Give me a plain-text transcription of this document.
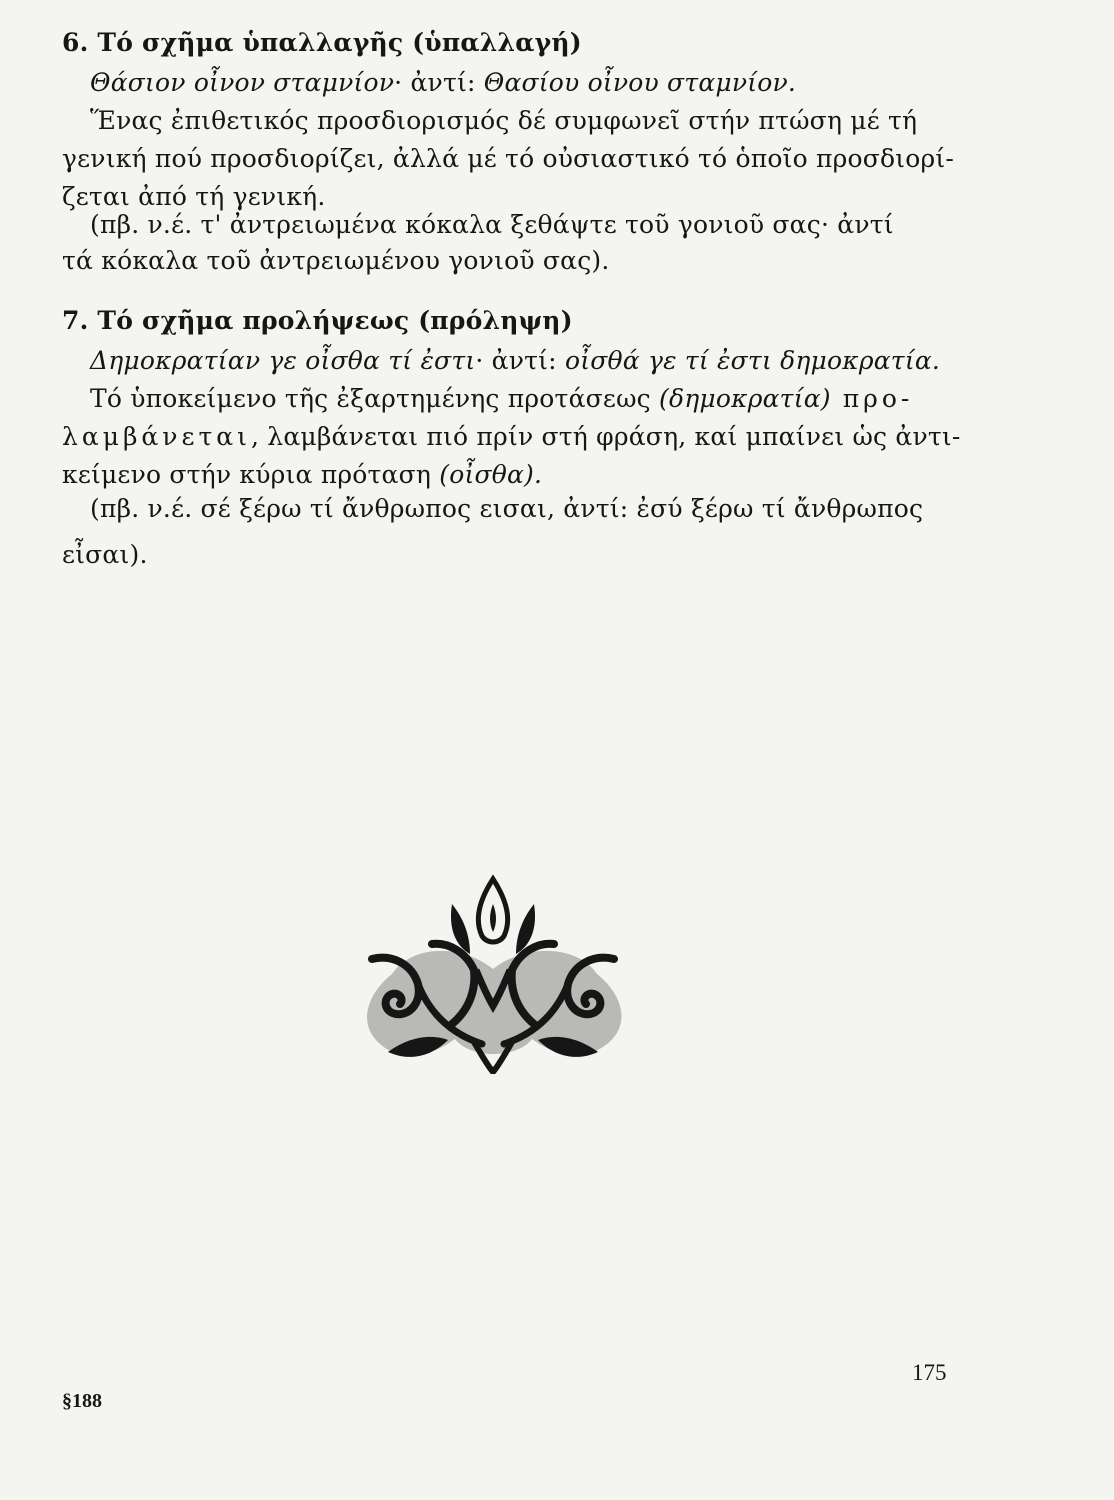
6. Τό σχῆμα ὑπαλλαγῆς (ὑπαλλαγή)
Θάσιον οἶνον σταμνίον· ἀντί: Θασίου οἶνου σταμνίον.
Ἕνας ἐπιθετικός προσδιορισμός δέ συμφωνεῖ στήν πτώση μέ τή
γενική πού προσδιορίζει, ἀλλά μέ τό οὐσιαστικό τό ὁποῖο προσδιορί-
ζεται ἀπό τή γενική.
(πβ. ν.έ. τ' ἀντρειωμένα κόκαλα ξεθάψτε τοῦ γονιοῦ σας· ἀντί
τά κόκαλα τοῦ ἀντρειωμένου γονιοῦ σας).
7. Τό σχῆμα προλήψεως (πρόληψη)
Δημοκρατίαν γε οἶσθα τί ἐστι· ἀντί: οἶσθά γε τί ἐστι δημοκρατία.
Τό ὑποκείμενο τῆς ἐξαρτημένης προτάσεως (δημοκρατία) προ-
λαμβάνεται, λαμβάνεται πιό πρίν στή φράση, καί μπαίνει ὡς ἀντι-
κείμενο στήν κύρια πρόταση (οἶσθα).
(πβ. ν.έ. σέ ξέρω τί ἄνθρωπος εισαι, ἀντί: ἐσύ ξέρω τί ἄνθρωπος
εἶσαι).
175
§188
